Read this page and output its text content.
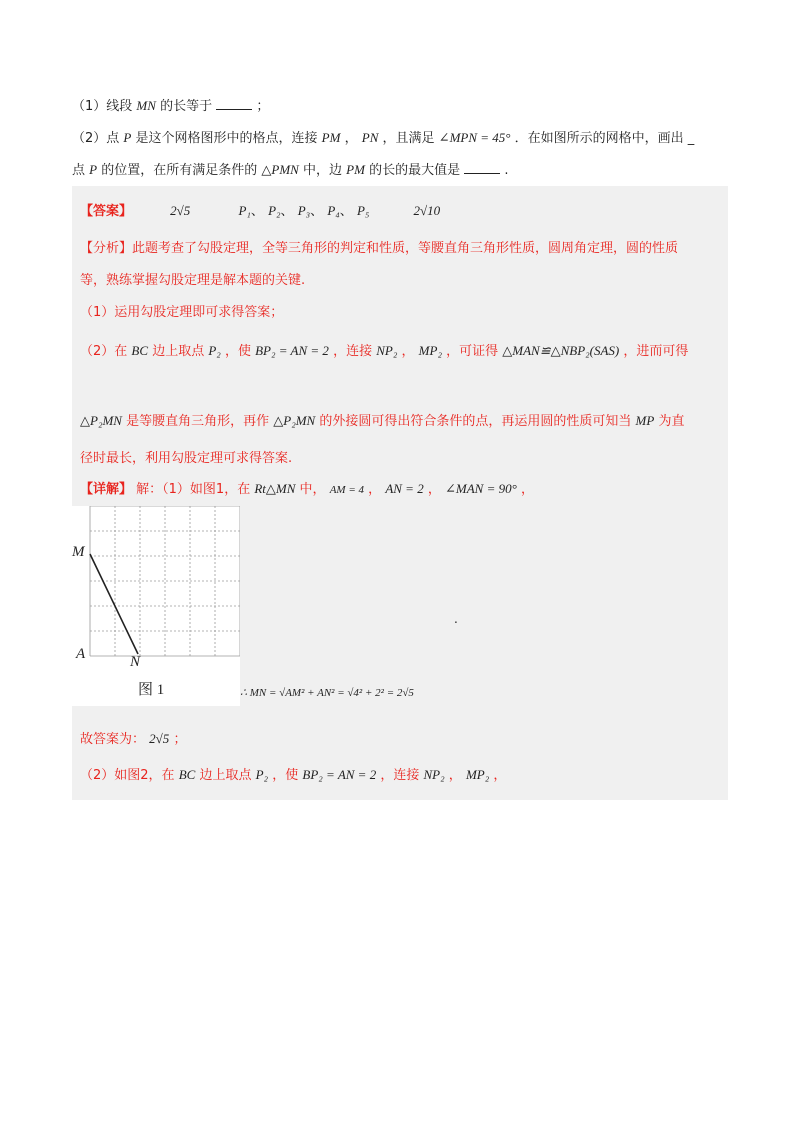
（1）线段 MN 的长等于	；
（2）点 P 是这个网格图形中的格点，连接 PM ， PN ，且满足 ∠MPN = 45° ．在如图所示的网格中，画出 _
点 P 的位置，在所有满足条件的 △PMN 中，边 PM 的长的最大值是	.
【答案】	2√5	P₁、 P₂、 P₃、 P₄、 P₅	2√10
【分析】此题考查了勾股定理，全等三角形的判定和性质，等腰直角三角形性质，圆周角定理，圆的性质
等，熟练掌握勾股定理是解本题的关键.
（1）运用勾股定理即可求得答案；
（2）在 BC 边上取点 P₂ ，使 BP₂ = AN = 2 ，连接 NP₂ ， MP₂ ，可证得 △MAN≌△NBP₂(SAS) ，进而可得
△P₂MN 是等腰直角三角形，再作 △P₂MN 的外接圆可得出符合条件的点，再运用圆的性质可知当 MP 为直
径时最长，利用勾股定理可求得答案.
【详解】 解：（1）如图1，在 Rt△MN 中， AM = 4 ， AN = 2 ， ∠MAN = 90° ，
M
A	N
图 1	∴ MN = √AM² + AN² = √4² + 2² = 2√5
.
故答案为： 2√5 ；
（2）如图2，在 BC 边上取点 P₂ ，使 BP₂ = AN = 2 ，连接 NP₂ ， MP₂ ，
